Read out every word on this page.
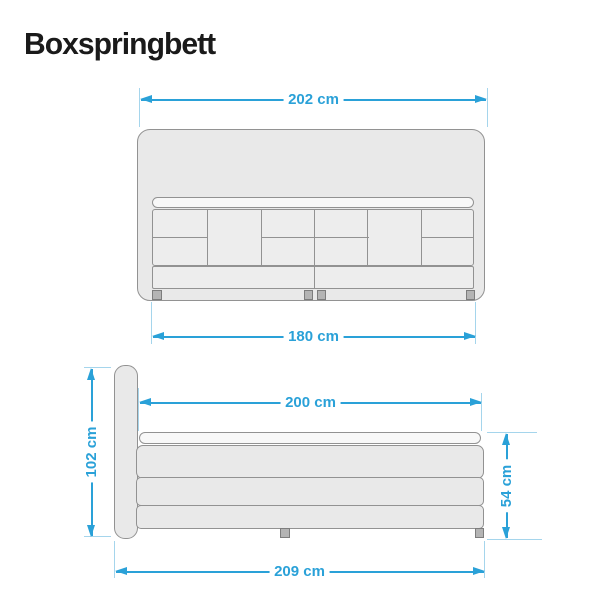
Boxspringbett
202 cm
180 cm
102 cm
200 cm
54 cm
209 cm
